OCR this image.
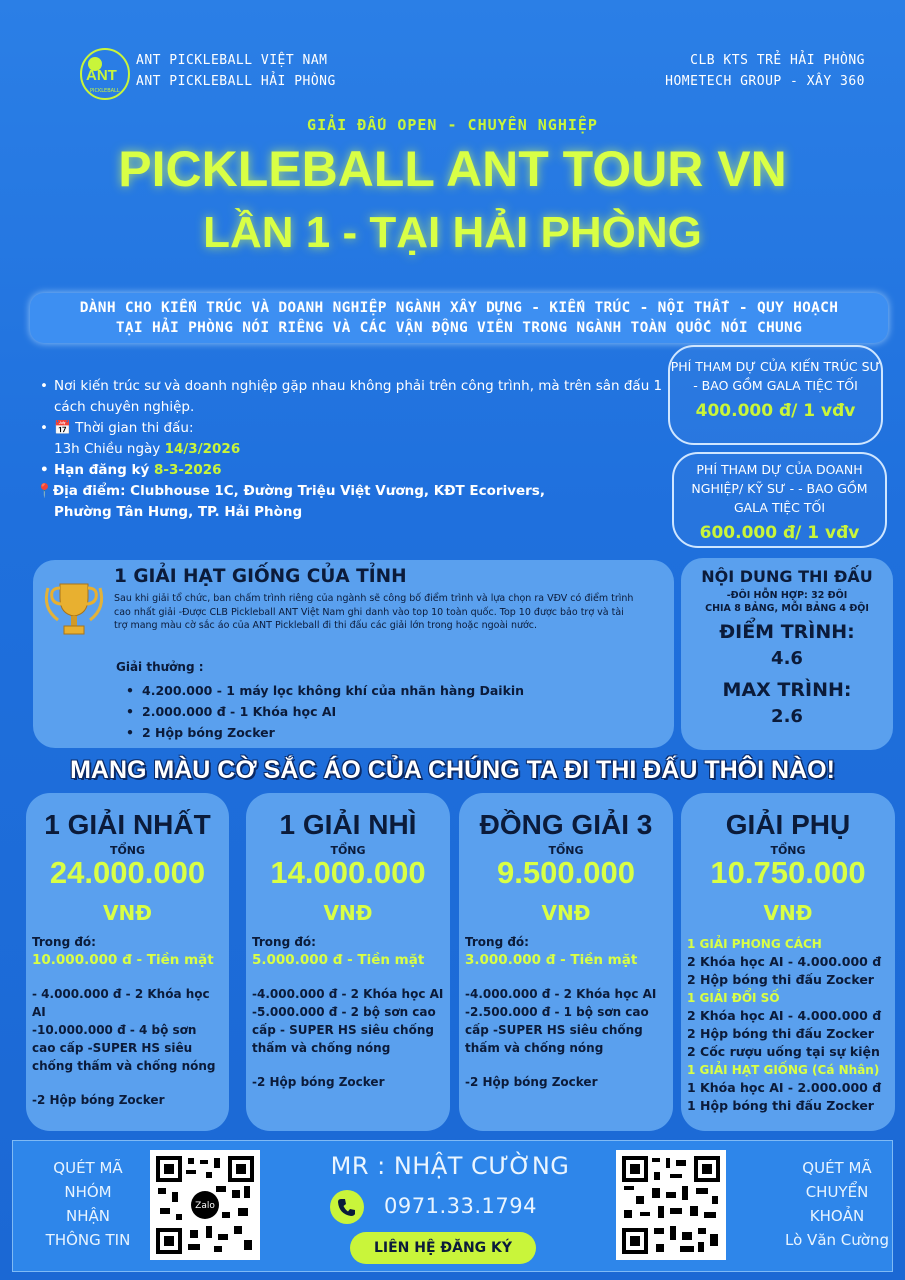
ANT
PICKLEBALL
ANT PICKLEBALL VIỆT NAM
ANT PICKLEBALL HẢI PHÒNG
CLB KTS TRẺ HẢI PHÒNG
HOMETECH GROUP - XÂY 360
GIẢI ĐẤU OPEN - CHUYÊN NGHIỆP
PICKLEBALL ANT TOUR VN
LẦN 1 - TẠI HẢI PHÒNG
DÀNH CHO KIẾN TRÚC VÀ DOANH NGHIỆP NGÀNH XÂY DỰNG - KIẾN TRÚC - NỘI THẤT - QUY HOẠCH
TẠI HẢI PHÒNG NÓI RIÊNG VÀ CÁC VẬN ĐỘNG VIÊN TRONG NGÀNH TOÀN QUỐC NÓI CHUNG
• Nơi kiến trúc sư và doanh nghiệp gặp nhau không phải trên công trình, mà trên sân đấu 1 cách chuyên nghiệp.
• 📅 Thời gian thi đấu:
13h Chiều ngày 14/3/2026
• Hạn đăng ký 8-3-2026
📍Địa điểm: Clubhouse 1C, Đường Triệu Việt Vương, KĐT Ecorivers,
Phường Tân Hưng, TP. Hải Phòng
PHÍ THAM DỰ CỦA KIẾN TRÚC SƯ - BAO GỒM GALA TIỆC TỐI
400.000 đ/ 1 vđv
PHÍ THAM DỰ CỦA DOANH NGHIỆP/ KỸ SƯ - - BAO GỒM GALA TIỆC TỐI
600.000 đ/ 1 vđv
1 GIẢI HẠT GIỐNG CỦA TỈNH
Sau khi giải tổ chức, ban chấm trình riêng của ngành sẽ công bố điểm trình và lựa chọn ra VĐV có điểm trình cao nhất giải -Được CLB Pickleball ANT Việt Nam ghi danh vào top 10 toàn quốc. Top 10 được bảo trợ và tài trợ mang màu cờ sắc áo của ANT Pickleball đi thi đấu các giải lớn trong hoặc ngoài nước.
Giải thưởng :
• 4.200.000 - 1 máy lọc không khí của nhãn hàng Daikin
• 2.000.000 đ - 1 Khóa học AI
• 2 Hộp bóng Zocker
NỘI DUNG THI ĐẤU
-ĐÔI HỖN HỢP: 32 ĐÔI
CHIA 8 BẢNG, MỖI BẢNG 4 ĐỘI
ĐIỂM TRÌNH:
4.6
MAX TRÌNH:
2.6
MANG MÀU CỜ SẮC ÁO CỦA CHÚNG TA ĐI THI ĐẤU THÔI NÀO!
1 GIẢI NHẤT
TỔNG
24.000.000
VNĐ
Trong đó:
10.000.000 đ - Tiền mặt
- 4.000.000 đ - 2 Khóa học AI
-10.000.000 đ - 4 bộ sơn cao cấp -SUPER HS siêu chống thấm và chống nóng
-2 Hộp bóng Zocker
1 GIẢI NHÌ
TỔNG
14.000.000
VNĐ
Trong đó:
5.000.000 đ - Tiền mặt
-4.000.000 đ - 2 Khóa học AI
-5.000.000 đ - 2 bộ sơn cao cấp - SUPER HS siêu chống thấm và chống nóng
-2 Hộp bóng Zocker
ĐỒNG GIẢI 3
TỔNG
9.500.000
VNĐ
Trong đó:
3.000.000 đ - Tiền mặt
-4.000.000 đ - 2 Khóa học AI
-2.500.000 đ - 1 bộ sơn cao cấp -SUPER HS siêu chống thấm và chống nóng
-2 Hộp bóng Zocker
GIẢI PHỤ
TỔNG
10.750.000
VNĐ
1 GIẢI PHONG CÁCH
2 Khóa học AI - 4.000.000 đ
2 Hộp bóng thi đấu Zocker
1 GIẢI ĐỔI SỐ
2 Khóa học AI - 4.000.000 đ
2 Hộp bóng thi đấu Zocker
2 Cốc rượu uống tại sự kiện
1 GIẢI HẠT GIỐNG (Cá Nhân)
1 Khóa học AI - 2.000.000 đ
1 Hộp bóng thi đấu Zocker
QUÉT MÃ
NHÓM
NHẬN
THÔNG TIN
Zalo
MR : NHẬT CƯỜNG
0971.33.1794
LIÊN HỆ ĐĂNG KÝ
QUÉT MÃ
CHUYỂN
KHOẢN
Lò Văn Cường
